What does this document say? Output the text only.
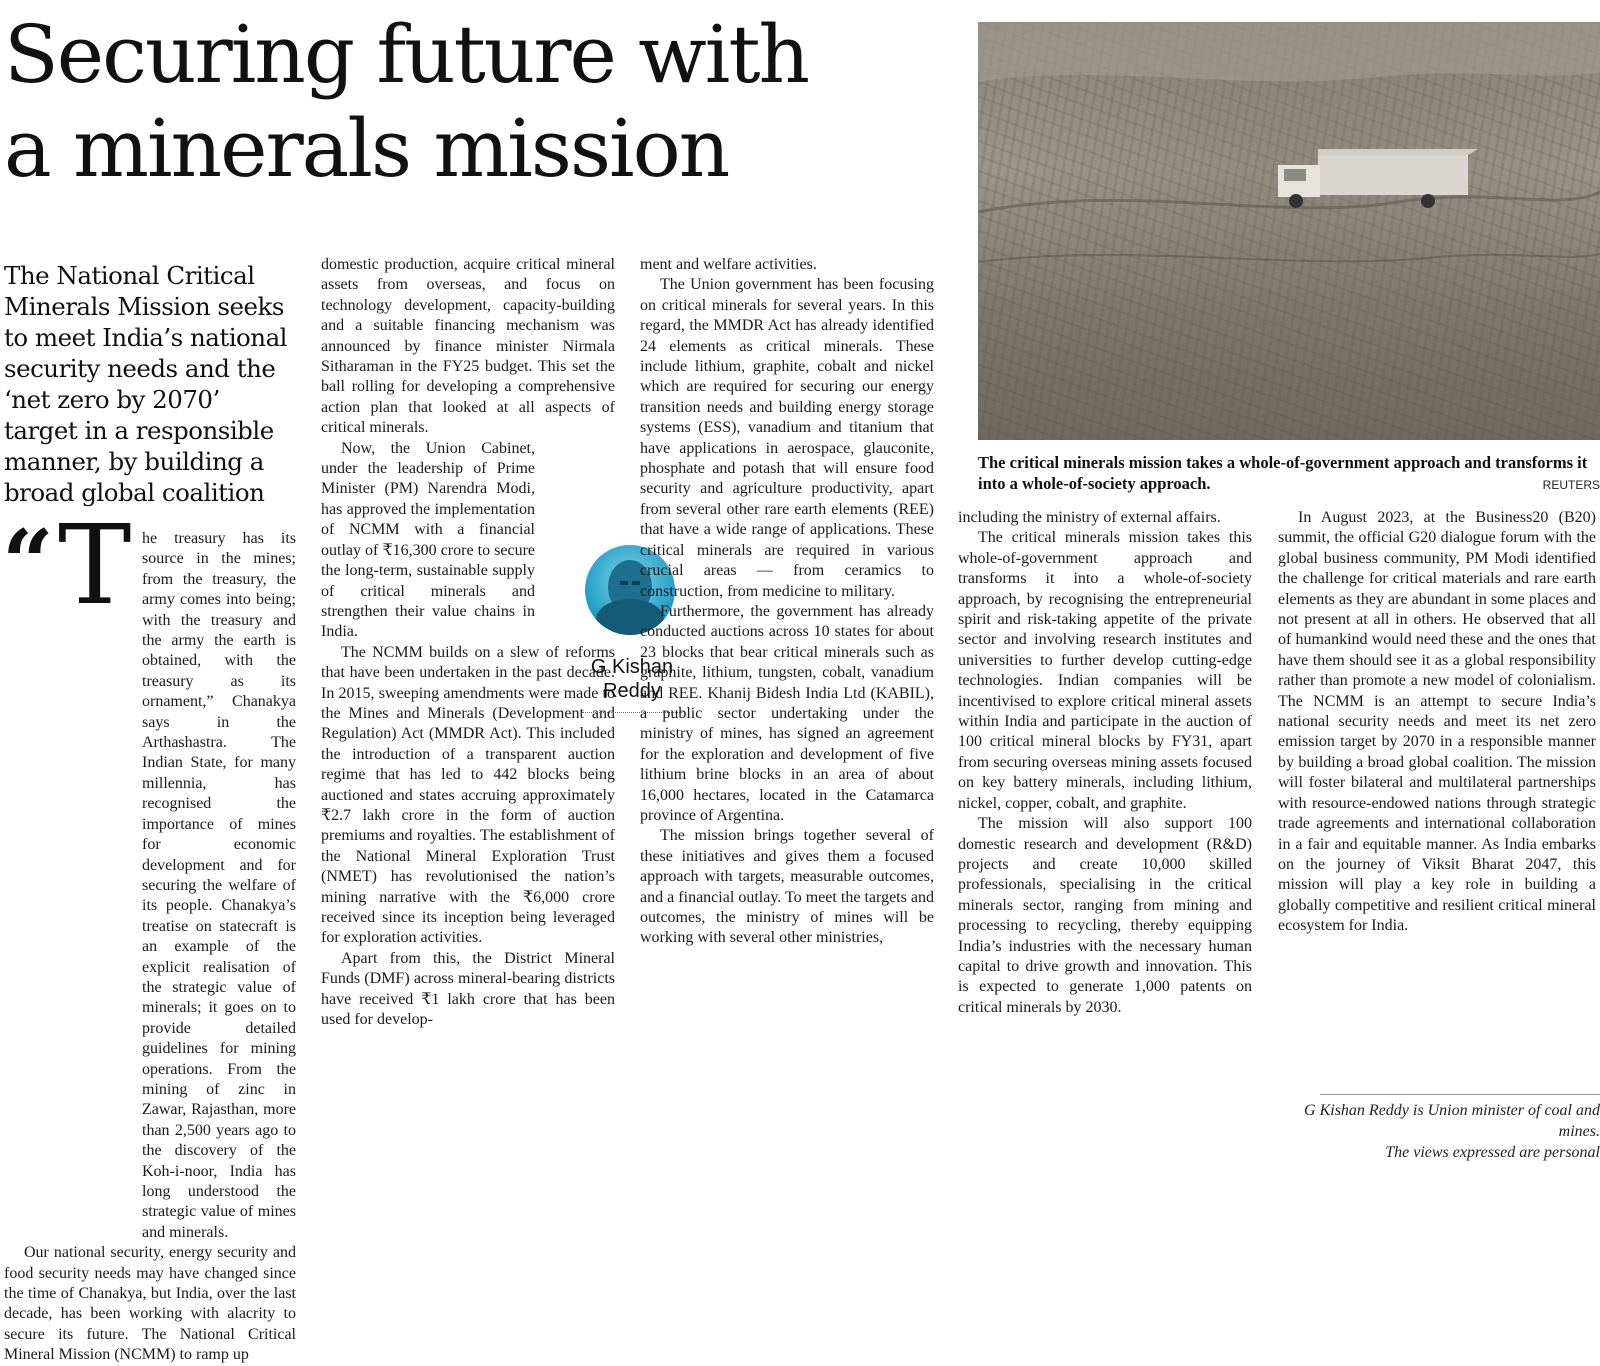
Securing future with
a minerals mission
The critical minerals mission takes a whole-of-government approach and transforms it into a whole-of-society approach.	REUTERS
The National Critical Minerals Mission seeks to meet India’s national security needs and the ‘net zero by 2070’ target in a responsible manner, by building a broad global coalition
“ T he treasury has its source in the mines; from the treasury, the army comes into being; with the treasury and the army the earth is obtained, with the treasury as its ornament,” Chanakya says in the Arthashastra. The Indian State, for many millennia, has recognised the importance of mines for economic development and for securing the welfare of its people. Chanakya’s treatise on statecraft is an example of the explicit realisation of the strategic value of minerals; it goes on to provide detailed guidelines for mining operations. From the mining of zinc in Zawar, Rajasthan, more than 2,500 years ago to the discovery of the Koh-i-noor, India has long understood the strategic value of mines and minerals.

Our national security, energy security and food security needs may have changed since the time of Chanakya, but India, over the last decade, has been working with alacrity to secure its future. The National Critical Mineral Mission (NCMM) to ramp up

domestic production, acquire critical mineral assets from overseas, and focus on technology development, capacity-building and a suitable financing mechanism was announced by finance minister Nirmala Sitharaman in the FY25 budget. This set the ball rolling for developing a comprehensive action plan that looked at all aspects of critical minerals.

Now, the Union Cabinet, under the leadership of Prime Minister (PM) Narendra Modi, has approved the implementation of NCMM with a financial outlay of ₹16,300 crore to secure the long-term, sustainable supply of critical minerals and strengthen their value chains in India.

The NCMM builds on a slew of reforms that have been undertaken in the past decade. In 2015, sweeping amendments were made to the Mines and Minerals (Development and Regulation) Act (MMDR Act). This included the introduction of a transparent auction regime that has led to 442 blocks being auctioned and states accruing approximately ₹2.7 lakh crore in the form of auction premiums and royalties. The establishment of the National Mineral Exploration Trust (NMET) has revolutionised the nation’s mining narrative with the ₹6,000 crore received since its inception being leveraged for exploration activities.

Apart from this, the District Mineral Funds (DMF) across mineral-bearing districts have received ₹1 lakh crore that has been used for develop-

G Kishan Reddy

ment and welfare activities.

The Union government has been focusing on critical minerals for several years. In this regard, the MMDR Act has already identified 24 elements as critical minerals. These include lithium, graphite, cobalt and nickel which are required for securing our energy transition needs and building energy storage systems (ESS), vanadium and titanium that have applications in aerospace, glauconite, phosphate and potash that will ensure food security and agriculture productivity, apart from several other rare earth elements (REE) that have a wide range of applications. These critical minerals are required in various crucial areas — from ceramics to construction, from medicine to military.

Furthermore, the government has already conducted auctions across 10 states for about 23 blocks that bear critical minerals such as graphite, lithium, tungsten, cobalt, vanadium and REE. Khanij Bidesh India Ltd (KABIL), a public sector undertaking under the ministry of mines, has signed an agreement for the exploration and development of five lithium brine blocks in an area of about 16,000 hectares, located in the Catamarca province of Argentina.

The mission brings together several of these initiatives and gives them a focused approach with targets, measurable outcomes, and a financial outlay. To meet the targets and outcomes, the ministry of mines will be working with several other ministries,

including the ministry of external affairs.

The critical minerals mission takes this whole-of-government approach and transforms it into a whole-of-society approach, by recognising the entrepreneurial spirit and risk-taking appetite of the private sector and involving research institutes and universities to further develop cutting-edge technologies. Indian companies will be incentivised to explore critical mineral assets within India and participate in the auction of 100 critical mineral blocks by FY31, apart from securing overseas mining assets focused on key battery minerals, including lithium, nickel, copper, cobalt, and graphite.

The mission will also support 100 domestic research and development (R&D) projects and create 10,000 skilled professionals, specialising in the critical minerals sector, ranging from mining and processing to recycling, thereby equipping India’s industries with the necessary human capital to drive growth and innovation. This is expected to generate 1,000 patents on critical minerals by 2030.

In August 2023, at the Business20 (B20) summit, the official G20 dialogue forum with the global business community, PM Modi identified the challenge for critical materials and rare earth elements as they are abundant in some places and not present at all in others. He observed that all of humankind would need these and the ones that have them should see it as a global responsibility rather than promote a new model of colonialism. The NCMM is an attempt to secure India’s national security needs and meet its net zero emission target by 2070 in a responsible manner by building a broad global coalition. The mission will foster bilateral and multilateral partnerships with resource-endowed nations through strategic trade agreements and international collaboration in a fair and equitable manner. As India embarks on the journey of Viksit Bharat 2047, this mission will play a key role in building a globally competitive and resilient critical mineral ecosystem for India.

G Kishan Reddy is Union minister of coal and mines.
The views expressed are personal
